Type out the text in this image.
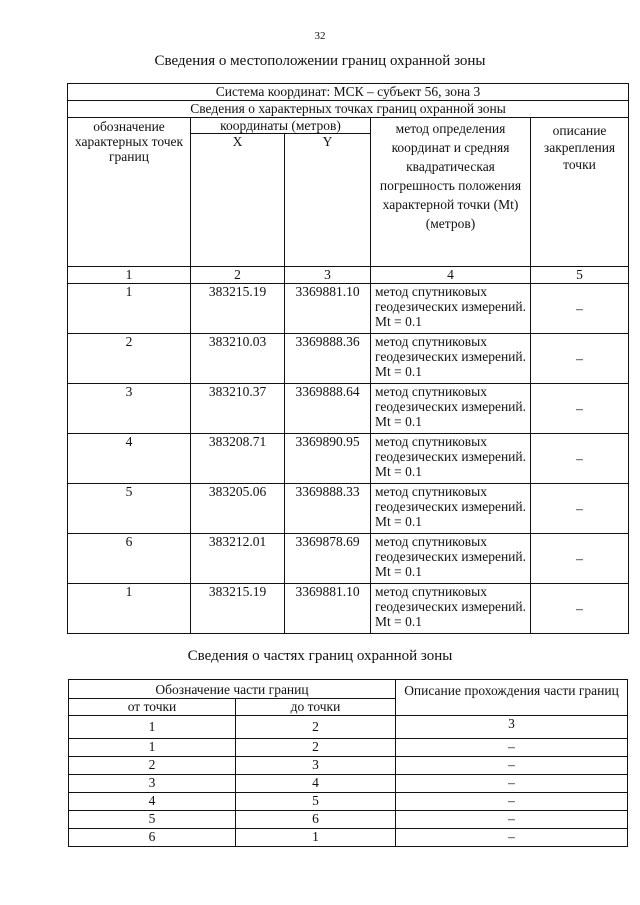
32
Сведения о местоположении границ охранной зоны
Система координат: МСК – субъект 56, зона 3				
Сведения о характерных точках границ охранной зоны				
обозначение характерных точек границ	координаты (метров)		метод определения координат и средняя квадратическая погрешность положения характерной точки (Mt) (метров)	описание закрепления точки
	X	Y		
1	2	3	4	5
1	383215.19	3369881.10	метод спутниковых геодезических измерений. Mt = 0.1	–
2	383210.03	3369888.36	метод спутниковых геодезических измерений. Mt = 0.1	–
3	383210.37	3369888.64	метод спутниковых геодезических измерений. Mt = 0.1	–
4	383208.71	3369890.95	метод спутниковых геодезических измерений. Mt = 0.1	–
5	383205.06	3369888.33	метод спутниковых геодезических измерений. Mt = 0.1	–
6	383212.01	3369878.69	метод спутниковых геодезических измерений. Mt = 0.1	–
1	383215.19	3369881.10	метод спутниковых геодезических измерений. Mt = 0.1	–
Сведения о частях границ охранной зоны
Обозначение части границ		Описание прохождения части границ
от точки	до точки	
1	2	3
1	2	–
2	3	–
3	4	–
4	5	–
5	6	–
6	1	–
